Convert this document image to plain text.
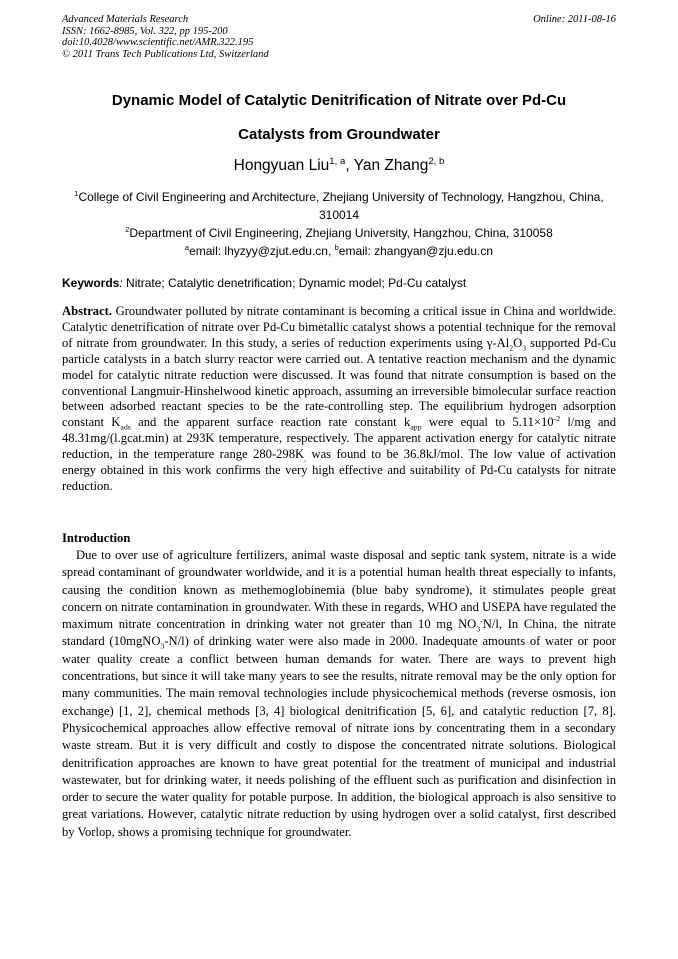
Advanced Materials Research
ISSN: 1662-8985, Vol. 322, pp 195-200
doi:10.4028/www.scientific.net/AMR.322.195
© 2011 Trans Tech Publications Ltd, Switzerland
Online: 2011-08-16
Dynamic Model of Catalytic Denitrification of Nitrate over Pd-Cu
Catalysts from Groundwater
Hongyuan Liu$^{1, a}$, Yan Zhang$^{2, b}$
$^1$College of Civil Engineering and Architecture, Zhejiang University of Technology, Hangzhou, China,
310014
$^2$Department of Civil Engineering, Zhejiang University, Hangzhou, China, 310058
$^a$email: lhyzyy@zjut.edu.cn, $^b$email: zhangyan@zju.edu.cn
Keywords: Nitrate; Catalytic denetrification; Dynamic model; Pd-Cu catalyst

Abstract. Groundwater polluted by nitrate contaminant is becoming a critical issue in China and worldwide. Catalytic denetrification of nitrate over Pd-Cu bimetallic catalyst shows a potential technique for the removal of nitrate from groundwater. In this study, a series of reduction experiments using $\gamma-Al_2O_3$ supported Pd-Cu particle catalysts in a batch slurry reactor were carried out. A tentative reaction mechanism and the dynamic model for catalytic nitrate reduction were discussed. It was found that nitrate consumption is based on the conventional Langmuir-Hinshelwood kinetic approach, assuming an irreversible bimolecular surface reaction between adsorbed reactant species to be the rate-controlling step. The equilibrium hydrogen adsorption constant $K_{ads}$ and the apparent surface reaction rate constant $k_{app}$ were equal to $5.11\times 10^{-2}$ l/mg and 48.31mg/(l.gcat.min) at 293K temperature, respectively. The apparent activation energy for catalytic nitrate reduction, in the temperature range $280-298K_,$ was found to be 36.8kJ/mol. The low value of activation energy obtained in this work confirms the very high effective and suitability of Pd-Cu catalysts for nitrate reduction.

Introduction

Due to over use of agriculture fertilizers, animal waste disposal and septic tank system, nitrate is a wide spread contaminant of groundwater worldwide, and it is a potential human health threat especially to infants, causing the condition known as methemoglobinemia (blue baby syndrome), it stimulates people great concern on nitrate contamination in groundwater. With these in regards, WHO and USEPA have regulated the maximum nitrate concentration in drinking water not greater than 10 mg $NO_3^-N/l$, In China, the nitrate standard (10mgNO$_3$-N/l) of drinking water were also made in 2000. Inadequate amounts of water or poor water quality create a conflict between human demands for water. There are ways to prevent high concentrations, but since it will take many years to see the results, nitrate removal may be the only option for many communities. The main removal technologies include physicochemical methods (reverse osmosis, ion exchange) [1, 2], chemical methods [3, 4] biological denitrification [5, 6], and catalytic reduction [7, 8]. Physicochemical approaches allow effective removal of nitrate ions by concentrating them in a secondary waste stream. But it is very difficult and costly to dispose the concentrated nitrate solutions. Biological denitrification approaches are known to have great potential for the treatment of municipal and industrial wastewater, but for drinking water, it needs polishing of the effluent such as purification and disinfection in order to secure the water quality for potable purpose. In addition, the biological approach is also sensitive to great variations. However, catalytic nitrate reduction by using hydrogen over a solid catalyst, first described by Vorlop, shows a promising technique for groundwater.
